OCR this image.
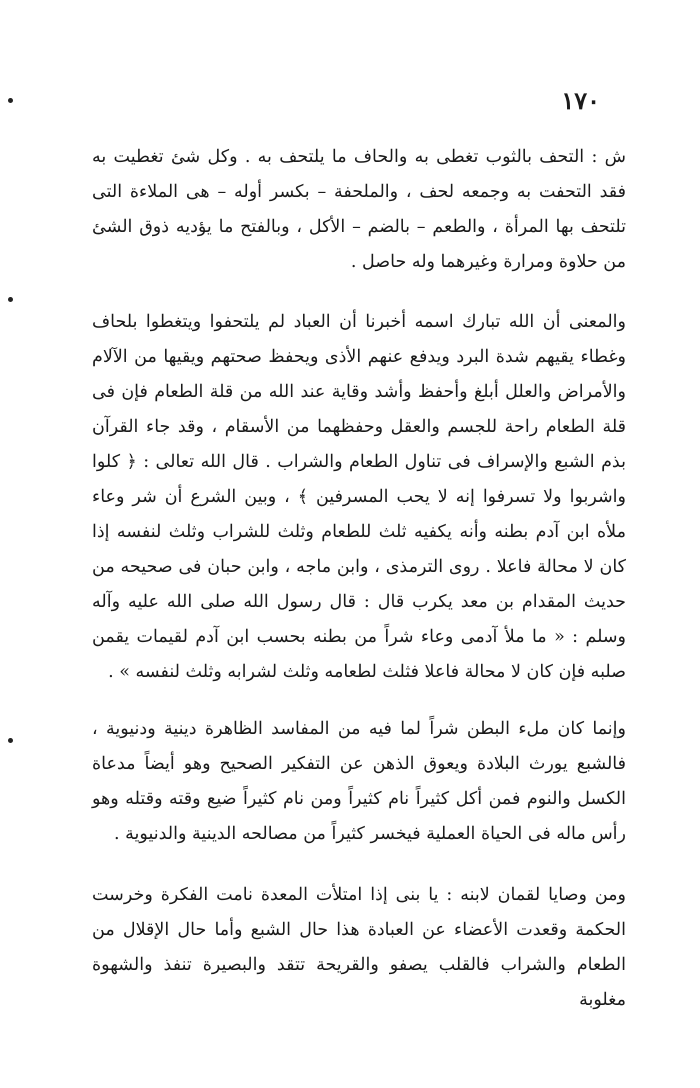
١٧٠

ش : التحف بالثوب تغطى به والحاف ما يلتحف به . وكل شئ تغطيت به فقد التحفت به وجمعه لحف ، والملحفة – بكسر أوله – هى الملاءة التى تلتحف بها المرأة ، والطعم – بالضم – الأكل ، وبالفتح ما يؤديه ذوق الشئ من حلاوة ومرارة وغيرهما وله حاصل .

والمعنى أن الله تبارك اسمه أخبرنا أن العباد لم يلتحفوا ويتغطوا بلحاف وغطاء يقيهم شدة البرد ويدفع عنهم الأذى ويحفظ صحتهم ويقيها من الآلام والأمراض والعلل أبلغ وأحفظ وأشد وقاية عند الله من قلة الطعام فإن فى قلة الطعام راحة للجسم والعقل وحفظهما من الأسقام ، وقد جاء القرآن بذم الشبع والإسراف فى تناول الطعام والشراب . قال الله تعالى : ﴿ كلوا واشربوا ولا تسرفوا إنه لا يحب المسرفين ﴾ ، وبين الشرع أن شر وعاء ملأه ابن آدم بطنه وأنه يكفيه ثلث للطعام وثلث للشراب وثلث لنفسه إذا كان لا محالة فاعلا . روى الترمذى ، وابن ماجه ، وابن حبان فى صحيحه من حديث المقدام بن معد يكرب قال : قال رسول الله صلى الله عليه وآله وسلم : « ما ملأ آدمى وعاء شراً من بطنه بحسب ابن آدم لقيمات يقمن صلبه فإن كان لا محالة فاعلا فثلث لطعامه وثلث لشرابه وثلث لنفسه » .

وإنما كان ملء البطن شراً لما فيه من المفاسد الظاهرة دينية ودنيوية ، فالشبع يورث البلادة ويعوق الذهن عن التفكير الصحيح وهو أيضاً مدعاة الكسل والنوم فمن أكل كثيراً نام كثيراً ومن نام كثيراً ضيع وقته وقتله وهو رأس ماله فى الحياة العملية فيخسر كثيراً من مصالحه الدينية والدنيوية .

ومن وصايا لقمان لابنه : يا بنى إذا امتلأت المعدة نامت الفكرة وخرست الحكمة وقعدت الأعضاء عن العبادة هذا حال الشبع وأما حال الإقلال من الطعام والشراب فالقلب يصفو والقريحة تتقد والبصيرة تنفذ والشهوة مغلوبة
